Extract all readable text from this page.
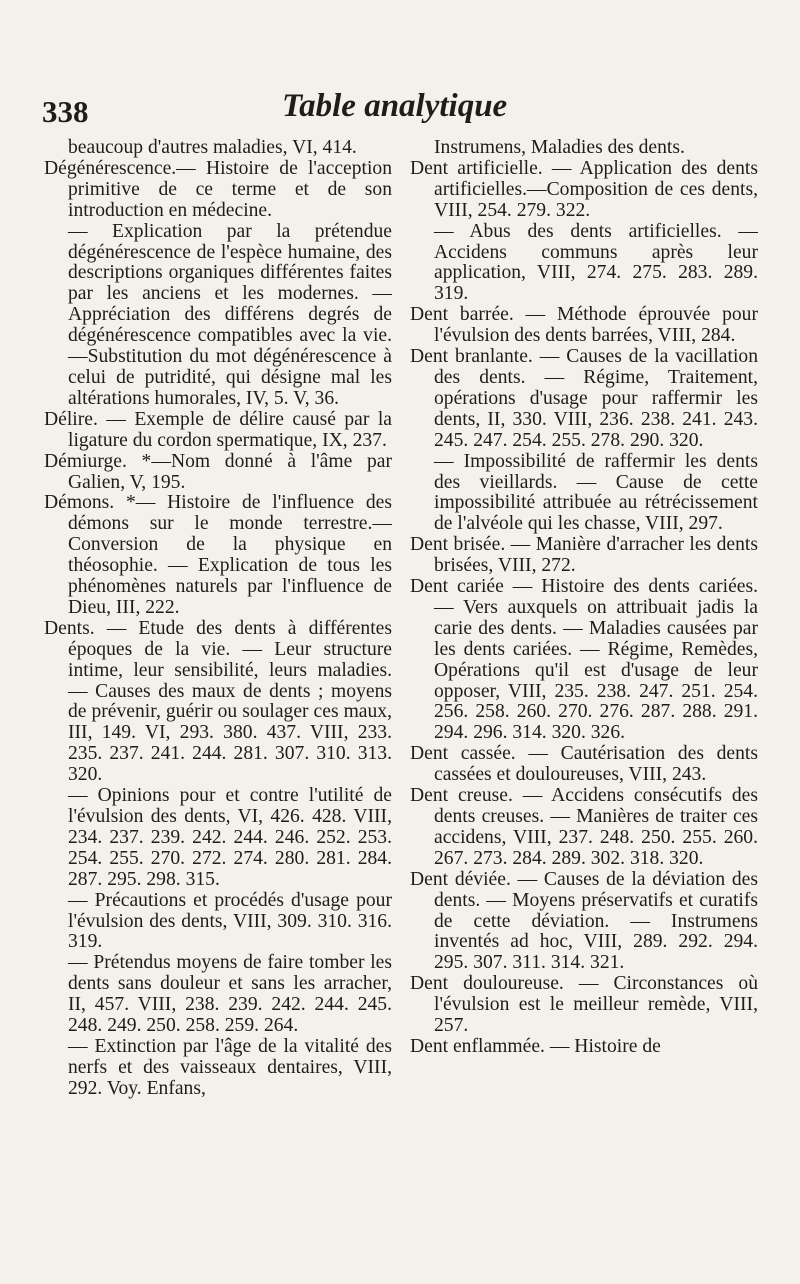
338	Table analytique

beaucoup d'autres maladies, VI, 414.

Dégénérescence.— Histoire de l'acception primitive de ce terme et de son introduction en médecine.

— Explication par la prétendue dégénérescence de l'espèce humaine, des descriptions organiques différentes faites par les anciens et les modernes. — Appréciation des différens degrés de dégénérescence compatibles avec la vie.—Substitution du mot dégénérescence à celui de putridité, qui désigne mal les altérations humorales, IV, 5. V, 36.

Délire. — Exemple de délire causé par la ligature du cordon spermatique, IX, 237.

Démiurge. *—Nom donné à l'âme par Galien, V, 195.

Démons. *— Histoire de l'influence des démons sur le monde terrestre.— Conversion de la physique en théosophie. — Explication de tous les phénomènes naturels par l'influence de Dieu, III, 222.

Dents. — Etude des dents à différentes époques de la vie. — Leur structure intime, leur sensibilité, leurs maladies. — Causes des maux de dents ; moyens de prévenir, guérir ou soulager ces maux, III, 149. VI, 293. 380. 437. VIII, 233. 235. 237. 241. 244. 281. 307. 310. 313. 320.

— Opinions pour et contre l'utilité de l'évulsion des dents, VI, 426. 428. VIII, 234. 237. 239. 242. 244. 246. 252. 253. 254. 255. 270. 272. 274. 280. 281. 284. 287. 295. 298. 315.

— Précautions et procédés d'usage pour l'évulsion des dents, VIII, 309. 310. 316. 319.

— Prétendus moyens de faire tomber les dents sans douleur et sans les arracher, II, 457. VIII, 238. 239. 242. 244. 245. 248. 249. 250. 258. 259. 264.

— Extinction par l'âge de la vitalité des nerfs et des vaisseaux dentaires, VIII, 292. Voy. Enfans,

Instrumens, Maladies des dents.

Dent artificielle. — Application des dents artificielles.—Composition de ces dents, VIII, 254. 279. 322.

— Abus des dents artificielles. — Accidens communs après leur application, VIII, 274. 275. 283. 289. 319.

Dent barrée. — Méthode éprouvée pour l'évulsion des dents barrées, VIII, 284.

Dent branlante. — Causes de la vacillation des dents. — Régime, Traitement, opérations d'usage pour raffermir les dents, II, 330. VIII, 236. 238. 241. 243. 245. 247. 254. 255. 278. 290. 320.

— Impossibilité de raffermir les dents des vieillards. — Cause de cette impossibilité attribuée au rétrécissement de l'alvéole qui les chasse, VIII, 297.

Dent brisée. — Manière d'arracher les dents brisées, VIII, 272.

Dent cariée — Histoire des dents cariées. — Vers auxquels on attribuait jadis la carie des dents. — Maladies causées par les dents cariées. — Régime, Remèdes, Opérations qu'il est d'usage de leur opposer, VIII, 235. 238. 247. 251. 254. 256. 258. 260. 270. 276. 287. 288. 291. 294. 296. 314. 320. 326.

Dent cassée. — Cautérisation des dents cassées et douloureuses, VIII, 243.

Dent creuse. — Accidens consécutifs des dents creuses. — Manières de traiter ces accidens, VIII, 237. 248. 250. 255. 260. 267. 273. 284. 289. 302. 318. 320.

Dent déviée. — Causes de la déviation des dents. — Moyens préservatifs et curatifs de cette déviation. — Instrumens inventés ad hoc, VIII, 289. 292. 294. 295. 307. 311. 314. 321.

Dent douloureuse. — Circonstances où l'évulsion est le meilleur remède, VIII, 257.

Dent enflammée. — Histoire de
